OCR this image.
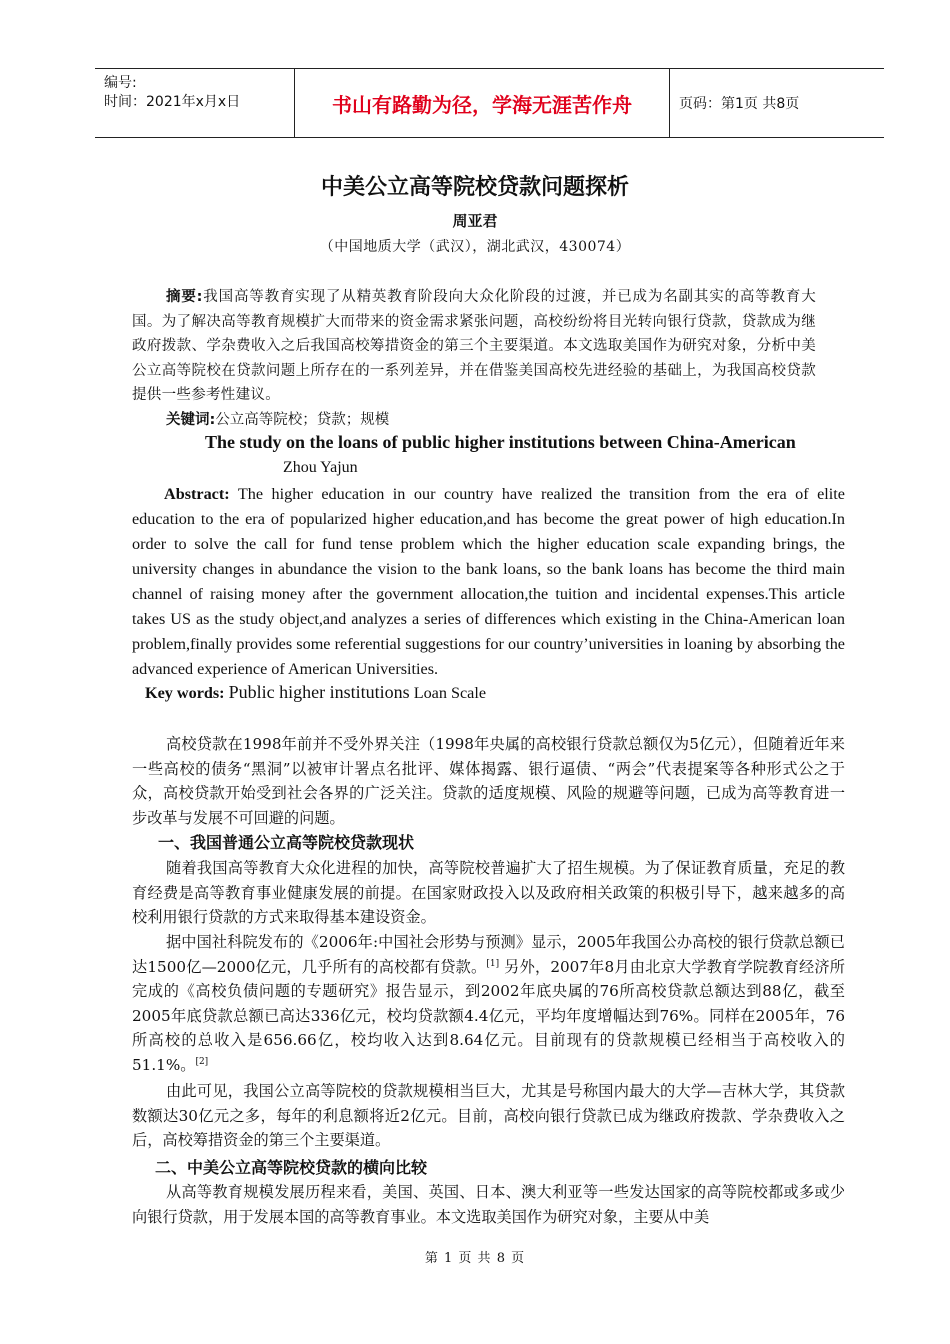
编号:
时间：2021年x月x日	书山有路勤为径，学海无涯苦作舟	页码：第1页 共8页
中美公立高等院校贷款问题探析
周亚君
（中国地质大学（武汉），湖北武汉，430074）
摘要:我国高等教育实现了从精英教育阶段向大众化阶段的过渡，并已成为名副其实的高等教育大国。为了解决高等教育规模扩大而带来的资金需求紧张问题，高校纷纷将目光转向银行贷款，贷款成为继政府拨款、学杂费收入之后我国高校筹措资金的第三个主要渠道。本文选取美国作为研究对象，分析中美公立高等院校在贷款问题上所存在的一系列差异，并在借鉴美国高校先进经验的基础上，为我国高校贷款提供一些参考性建议。
关键词:公立高等院校；贷款；规模
The study on the loans of public higher institutions between China-American
Zhou Yajun
Abstract: The higher education in our country have realized the transition from the era of elite education to the era of popularized higher education,and has become the great power of high education.In order to solve the call for fund tense problem which the higher education scale expanding brings, the university changes in abundance the vision to the bank loans, so the bank loans has become the third main channel of raising money after the government allocation,the tuition and incidental expenses.This article takes US as the study object,and analyzes a series of differences which existing in the China-American loan problem,finally provides some referential suggestions for our country’universities in loaning by absorbing the advanced experience of American Universities.
Key words: Public higher institutions Loan Scale
高校贷款在1998年前并不受外界关注（1998年央属的高校银行贷款总额仅为5亿元），但随着近年来一些高校的债务“黑洞”以被审计署点名批评、媒体揭露、银行逼债、“两会”代表提案等各种形式公之于众，高校贷款开始受到社会各界的广泛关注。贷款的适度规模、风险的规避等问题，已成为高等教育进一步改革与发展不可回避的问题。
一、我国普通公立高等院校贷款现状
随着我国高等教育大众化进程的加快，高等院校普遍扩大了招生规模。为了保证教育质量，充足的教育经费是高等教育事业健康发展的前提。在国家财政投入以及政府相关政策的积极引导下，越来越多的高校利用银行贷款的方式来取得基本建设资金。
据中国社科院发布的《2006年:中国社会形势与预测》显示，2005年我国公办高校的银行贷款总额已达1500亿—2000亿元，几乎所有的高校都有贷款。[1] 另外，2007年8月由北京大学教育学院教育经济所完成的《高校负债问题的专题研究》报告显示，到2002年底央属的76所高校贷款总额达到88亿，截至2005年底贷款总额已高达336亿元，校均贷款额4.4亿元，平均年度增幅达到76%。同样在2005年，76所高校的总收入是656.66亿，校均收入达到8.64亿元。目前现有的贷款规模已经相当于高校收入的51.1%。[2]
由此可见，我国公立高等院校的贷款规模相当巨大，尤其是号称国内最大的大学—吉林大学，其贷款数额达30亿元之多，每年的利息额将近2亿元。目前，高校向银行贷款已成为继政府拨款、学杂费收入之后，高校筹措资金的第三个主要渠道。
二、中美公立高等院校贷款的横向比较
从高等教育规模发展历程来看，美国、英国、日本、澳大利亚等一些发达国家的高等院校都或多或少向银行贷款，用于发展本国的高等教育事业。本文选取美国作为研究对象，主要从中美
第 1 页 共 8 页
